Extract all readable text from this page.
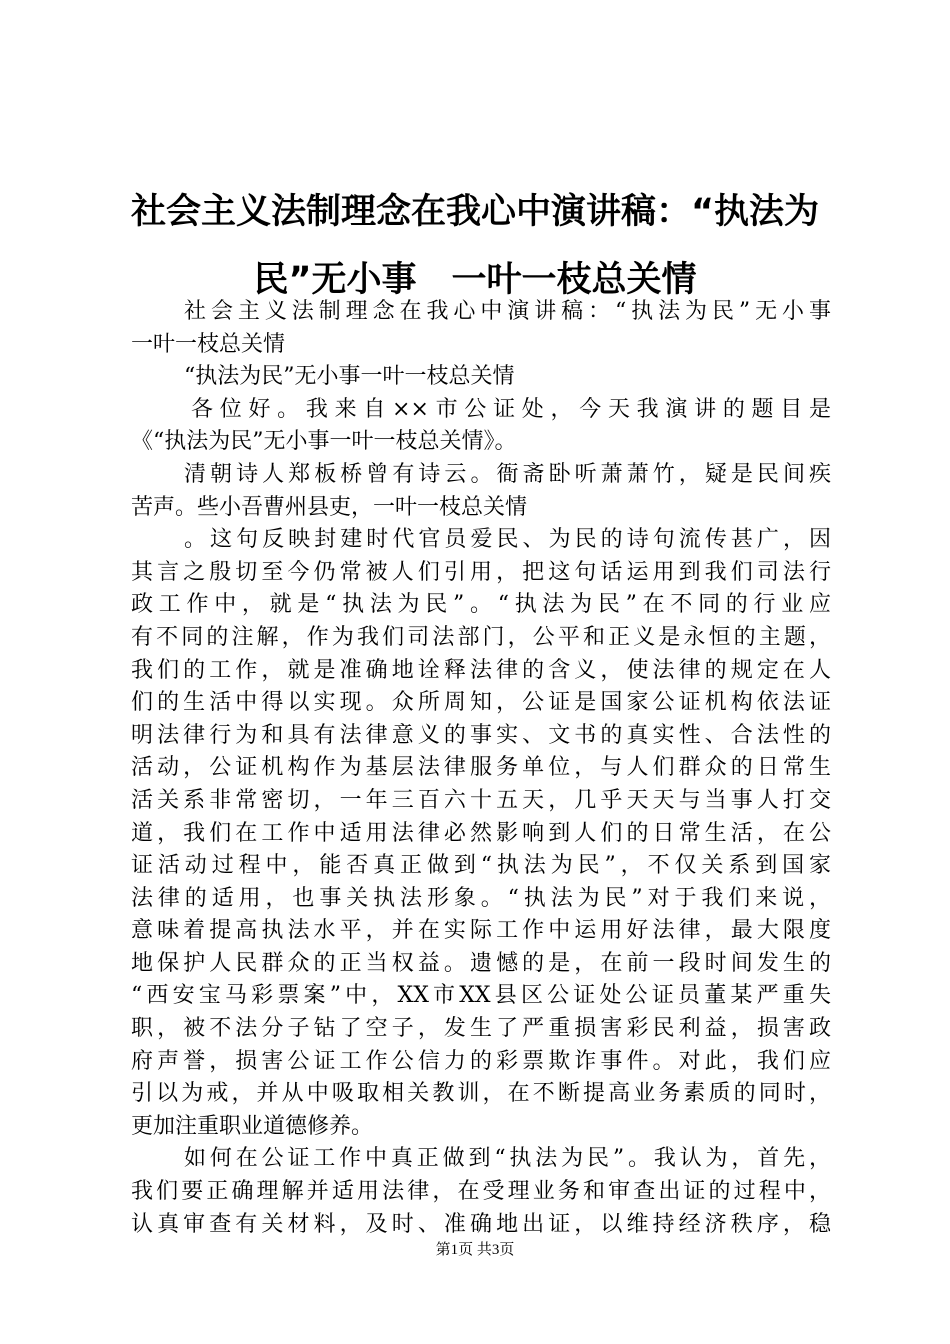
社会主义法制理念在我心中演讲稿：“执法为
民”无小事　一叶一枝总关情
社会主义法制理念在我心中演讲稿：“执法为民”无小事
一叶一枝总关情
“执法为民”无小事一叶一枝总关情
各位好。我来自××市公证处，今天我演讲的题目是
《“执法为民”无小事一叶一枝总关情》。
清朝诗人郑板桥曾有诗云。衙斋卧听萧萧竹，疑是民间疾
苦声。些小吾曹州县吏，一叶一枝总关情
。这句反映封建时代官员爱民、为民的诗句流传甚广，因
其言之殷切至今仍常被人们引用，把这句话运用到我们司法行
政工作中，就是“执法为民”。“执法为民”在不同的行业应
有不同的注解，作为我们司法部门，公平和正义是永恒的主题，
我们的工作，就是准确地诠释法律的含义，使法律的规定在人
们的生活中得以实现。众所周知，公证是国家公证机构依法证
明法律行为和具有法律意义的事实、文书的真实性、合法性的
活动，公证机构作为基层法律服务单位，与人们群众的日常生
活关系非常密切，一年三百六十五天，几乎天天与当事人打交
道，我们在工作中适用法律必然影响到人们的日常生活，在公
证活动过程中，能否真正做到“执法为民”，不仅关系到国家
法律的适用，也事关执法形象。“执法为民”对于我们来说，
意味着提高执法水平，并在实际工作中运用好法律，最大限度
地保护人民群众的正当权益。遗憾的是，在前一段时间发生的
“西安宝马彩票案”中，XX市XX县区公证处公证员董某严重失
职，被不法分子钻了空子，发生了严重损害彩民利益，损害政
府声誉，损害公证工作公信力的彩票欺诈事件。对此，我们应
引以为戒，并从中吸取相关教训，在不断提高业务素质的同时，
更加注重职业道德修养。
如何在公证工作中真正做到“执法为民”。我认为，首先，
我们要正确理解并适用法律，在受理业务和审查出证的过程中，
认真审查有关材料，及时、准确地出证，以维持经济秩序，稳
第1页 共3页
